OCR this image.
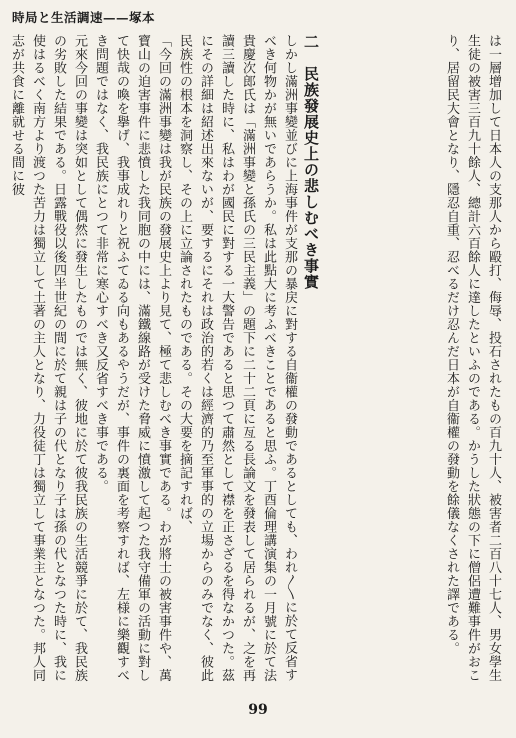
時局と生活調速——塚本

は一層增加して日本人の支那人から毆打、侮辱、投石されたもの百九十人、被害者二百八十七人、男女學生生徒の被害三百九十餘人、總計六百餘人に達したといふのである。かうした狀態の下に僧侶遭難事件がおこり、居留民大會となり、隱忍自重、忍べるだけ忍んだ日本が自衞權の發動を餘儀なくされた譯である。

二　民族發展史上の悲しむべき事實

しかし滿洲事變並びに上海事件が支那の暴戻に對する自衞權の發動であるとしても、われ〳〵に於て反省すべき何物かが無いであらうか。私は此點大に考ふべきことであると思ふ。丁酉倫理講演集の一月號に於て法貴慶次郎氏は「滿洲事變と孫氏の三民主義」の題下に二十二頁に亙る長論文を發表して居られるが、之を再讀三讀した時に、私はわが國民に對する一大警告であると思つて肅然として襟を正さざるを得なかつた。茲にその詳細は紹述出來ないが、要するにそれは政治的若くは經濟的乃至軍事的の立場からのみでなく、彼此民族性の根本を洞察し、その上に立論されたものである。その大要を摘記すれば、

「今回の滿洲事變は我が民族の發展史上より見て、極て悲しむべき事實である。わが將士の被害事件や、萬寶山の迫害事件に悲憤した我同胞の中には、滿鐵線路が受けた脅威に憤激して起つた我守備軍の活動に對して快哉の喚を擧げ、我事成れりと祝ふてゐる向もあるやうだが、事件の裏面を考察すれば、左様に樂觀すべき問題ではなく、我民族にとつて非常に寒心すべき又反省すべき事である。

元來今回の事變は突如として偶然に發生したものでは無く、彼地に於て彼我民族の生活競爭に於て、我民族の劣敗した結果である。日露戰役以後四半世紀の間に於て親は子の代となり子は孫の代となつた時に、我に使はるべく南方より渡つた苦力は獨立して土著の主人となり、力役徒丁は獨立して事業主となつた。邦人同志が共食に離就せる間に彼

99
